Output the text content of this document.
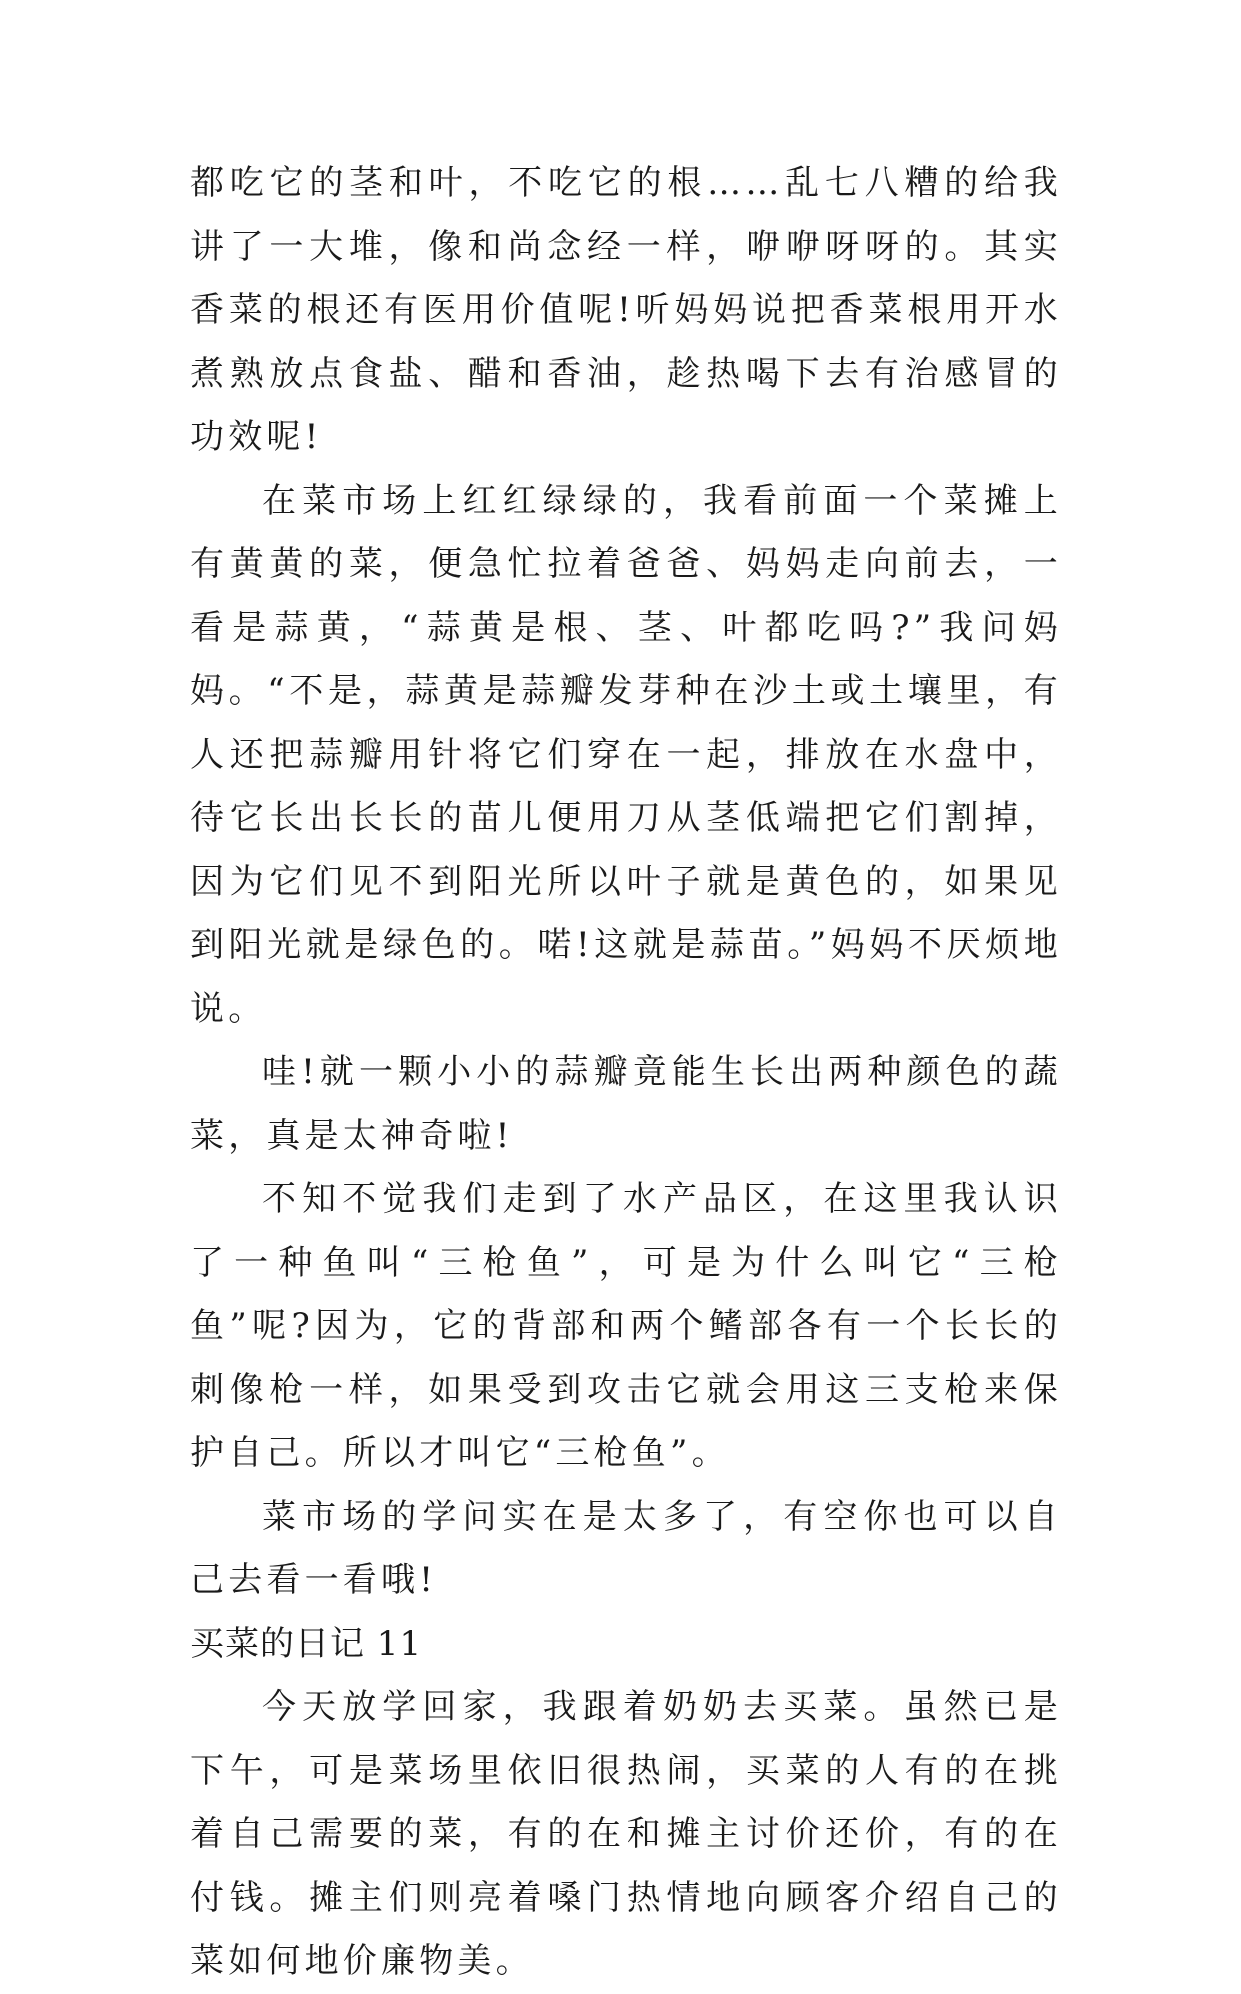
都吃它的茎和叶，不吃它的根……乱七八糟的给我讲了一大堆，像和尚念经一样，咿咿呀呀的。其实香菜的根还有医用价值呢!听妈妈说把香菜根用开水煮熟放点食盐、醋和香油，趁热喝下去有治感冒的功效呢!

在菜市场上红红绿绿的，我看前面一个菜摊上有黄黄的菜，便急忙拉着爸爸、妈妈走向前去，一看是蒜黄，“蒜黄是根、茎、叶都吃吗?”我问妈妈。“不是，蒜黄是蒜瓣发芽种在沙土或土壤里，有人还把蒜瓣用针将它们穿在一起，排放在水盘中，待它长出长长的苗儿便用刀从茎低端把它们割掉，因为它们见不到阳光所以叶子就是黄色的，如果见到阳光就是绿色的。喏!这就是蒜苗。”妈妈不厌烦地说。

哇!就一颗小小的蒜瓣竟能生长出两种颜色的蔬菜，真是太神奇啦!

不知不觉我们走到了水产品区，在这里我认识了一种鱼叫“三枪鱼”，可是为什么叫它“三枪鱼”呢?因为，它的背部和两个鳍部各有一个长长的刺像枪一样，如果受到攻击它就会用这三支枪来保护自己。所以才叫它“三枪鱼”。

菜市场的学问实在是太多了，有空你也可以自己去看一看哦!

买菜的日记 11

今天放学回家，我跟着奶奶去买菜。虽然已是下午，可是菜场里依旧很热闹，买菜的人有的在挑着自己需要的菜，有的在和摊主讨价还价，有的在付钱。摊主们则亮着嗓门热情地向顾客介绍自己的菜如何地价廉物美。
